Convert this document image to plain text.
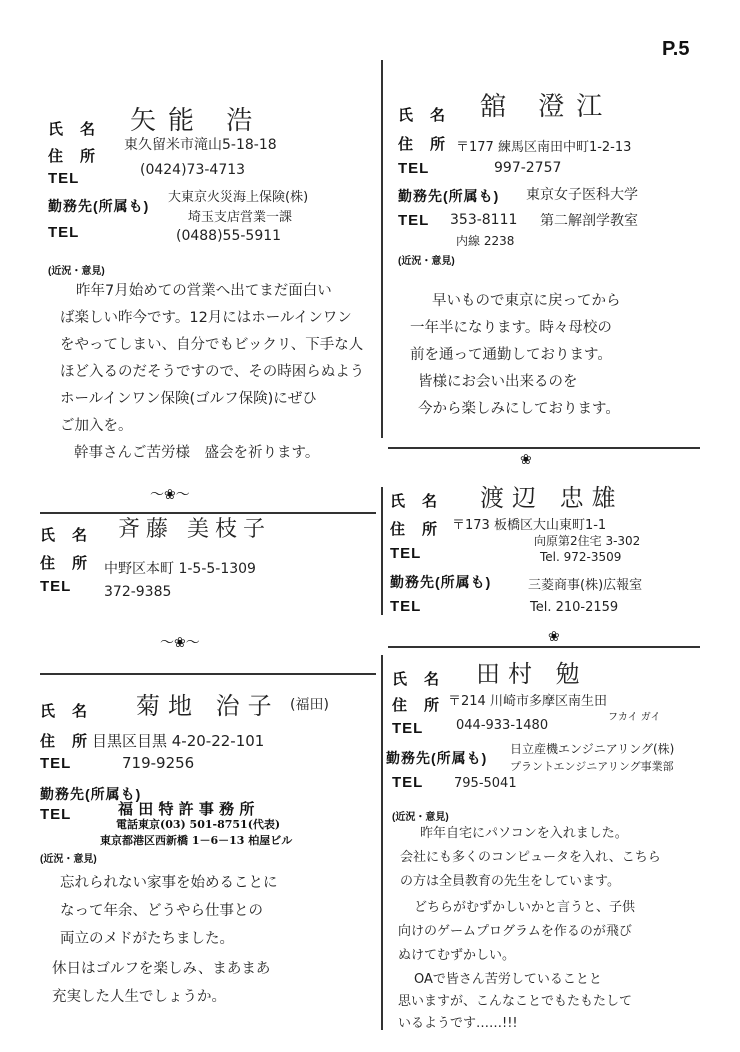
P.5
～❀～
～❀～
❀
❀
氏　名 矢能 浩
住　所
東久留米市滝山5-18-18
TEL	(0424)73-4713
勤務先(所属も)
大東京火災海上保険(株)
埼玉支店営業一課
TEL	(0488)55-5911
(近況・意見)
昨年7月始めての営業へ出てまだ面白い
ば楽しい昨今です。12月にはホールインワン
をやってしまい、自分でもビックリ、下手な人
ほど入るのだそうですので、その時困らぬよう
ホールインワン保険(ゴルフ保険)にぜひ
ご加入を。
幹事さんご苦労様　盛会を祈ります。
氏　名 舘 澄江
住　所 〒177 練馬区南田中町1-2-13
TEL	997-2757
勤務先(所属も) 東京女子医科大学
TEL 353-8111 第二解剖学教室
内線 2238
(近況・意見)
早いもので東京に戻ってから
一年半になります。時々母校の
前を通って通勤しております。
皆様にお会い出来るのを
今から楽しみにしております。
氏　名 斉藤 美枝子
住　所 中野区本町 1-5-5-1309
TEL 372-9385
氏　名 渡辺 忠雄
住　所 〒173 板橋区大山東町1-1
向原第2住宅 3-302
TEL	Tel. 972-3509
勤務先(所属も)	三菱商事(株)広報室
TEL	Tel. 210-2159
氏　名 菊地 治子 (福田)
住　所 目黒区目黒 4-20-22-101
TEL	719-9256
勤務先(所属も)
TEL	福 田 特 許 事 務 所
電話東京(03) 501-8751(代表)
東京都港区西新橋 1－6－13 柏屋ビル
(近況・意見)
忘れられない家事を始めることに
なって年余、どうやら仕事との
両立のメドがたちました。
休日はゴルフを楽しみ、まあまあ
充実した人生でしょうか。
氏　名 田村 勉
住　所 〒214 川崎市多摩区南生田
フカイ ガイ
TEL	044-933-1480
勤務先(所属も)
日立産機エンジニアリング(株)
プラントエンジニアリング事業部
TEL 795-5041
(近況・意見)
昨年自宅にパソコンを入れました。
会社にも多くのコンピュータを入れ、こちら
の方は全員教育の先生をしています。
どちらがむずかしいかと言うと、子供
向けのゲームプログラムを作るのが飛び
ぬけてむずかしい。
OAで皆さん苦労していることと
思いますが、こんなことでもたもたして
いるようです……!!!
